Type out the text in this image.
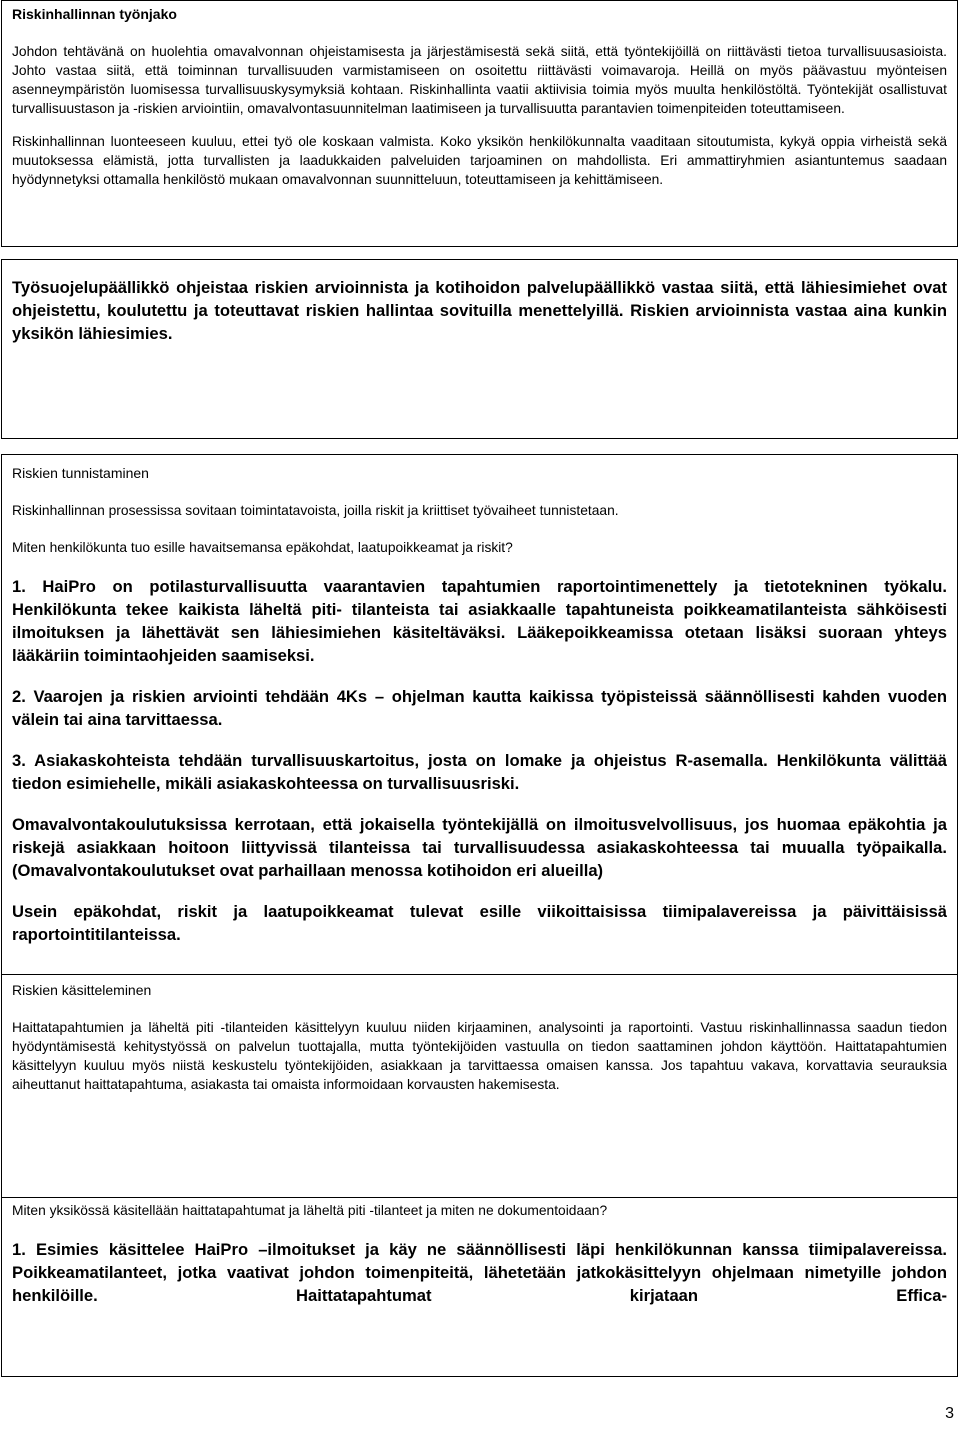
Riskinhallinnan työnjako

Johdon tehtävänä on huolehtia omavalvonnan ohjeistamisesta ja järjestämisestä sekä siitä, että työntekijöillä on riittävästi tietoa turvallisuusasioista. Johto vastaa siitä, että toiminnan turvallisuuden varmistamiseen on osoitettu riittävästi voimavaroja. Heillä on myös päävastuu myönteisen asenneympäristön luomisessa turvallisuuskysymyksiä kohtaan. Riskinhallinta vaatii aktiivisia toimia myös muulta henkilöstöltä. Työntekijät osallistuvat turvallisuustason ja -riskien arviointiin, omavalvontasuunnitelman laatimiseen ja turvallisuutta parantavien toimenpiteiden toteuttamiseen.

Riskinhallinnan luonteeseen kuuluu, ettei työ ole koskaan valmista. Koko yksikön henkilökunnalta vaaditaan sitoutumista, kykyä oppia virheistä sekä muutoksessa elämistä, jotta turvallisten ja laadukkaiden palveluiden tarjoaminen on mahdollista. Eri ammattiryhmien asiantuntemus saadaan hyödynnetyksi ottamalla henkilöstö mukaan omavalvonnan suunnitteluun, toteuttamiseen ja kehittämiseen.

Työsuojelupäällikkö ohjeistaa riskien arvioinnista ja kotihoidon palvelupäällikkö vastaa siitä, että lähiesimiehet ovat ohjeistettu, koulutettu ja toteuttavat riskien hallintaa sovituilla menettelyillä. Riskien arvioinnista vastaa aina kunkin yksikön lähiesimies.

Riskien tunnistaminen

Riskinhallinnan prosessissa sovitaan toimintatavoista, joilla riskit ja kriittiset työvaiheet tunnistetaan.

Miten henkilökunta tuo esille havaitsemansa epäkohdat, laatupoikkeamat ja riskit?

1. HaiPro on potilasturvallisuutta vaarantavien tapahtumien raportointimenettely ja tietotekninen työkalu. Henkilökunta tekee kaikista läheltä piti- tilanteista tai asiakkaalle tapahtuneista poikkeamatilanteista sähköisesti ilmoituksen ja lähettävät sen lähiesimiehen käsiteltäväksi. Lääkepoikkeamissa otetaan lisäksi suoraan yhteys lääkäriin toimintaohjeiden saamiseksi.

2. Vaarojen ja riskien arviointi tehdään 4Ks – ohjelman kautta kaikissa työpisteissä säännöllisesti kahden vuoden välein tai aina tarvittaessa.

3. Asiakaskohteista tehdään turvallisuuskartoitus, josta on lomake ja ohjeistus R-asemalla. Henkilökunta välittää tiedon esimiehelle, mikäli asiakaskohteessa on turvallisuusriski.

Omavalvontakoulutuksissa kerrotaan, että jokaisella työntekijällä on ilmoitusvelvollisuus, jos huomaa epäkohtia ja riskejä asiakkaan hoitoon liittyvissä tilanteissa tai turvallisuudessa asiakaskohteessa tai muualla työpaikalla. (Omavalvontakoulutukset ovat parhaillaan menossa kotihoidon eri alueilla)

Usein epäkohdat, riskit ja laatupoikkeamat tulevat esille viikoittaisissa tiimipalavereissa ja päivittäisissä raportointitilanteissa.

Riskien käsitteleminen

Haittatapahtumien ja läheltä piti -tilanteiden käsittelyyn kuuluu niiden kirjaaminen, analysointi ja raportointi. Vastuu riskinhallinnassa saadun tiedon hyödyntämisestä kehitystyössä on palvelun tuottajalla, mutta työntekijöiden vastuulla on tiedon saattaminen johdon käyttöön. Haittatapahtumien käsittelyyn kuuluu myös niistä keskustelu työntekijöiden, asiakkaan ja tarvittaessa omaisen kanssa. Jos tapahtuu vakava, korvattavia seurauksia aiheuttanut haittatapahtuma, asiakasta tai omaista informoidaan korvausten hakemisesta.

Miten yksikössä käsitellään haittatapahtumat ja läheltä piti -tilanteet ja miten ne dokumentoidaan?

1. Esimies käsittelee HaiPro –ilmoitukset ja käy ne säännöllisesti läpi henkilökunnan kanssa tiimipalavereissa. Poikkeamatilanteet, jotka vaativat johdon toimenpiteitä, lähetetään jatkokäsittelyyn ohjelmaan nimetyille johdon henkilöille. Haittatapahtumat kirjataan Effica-

3
